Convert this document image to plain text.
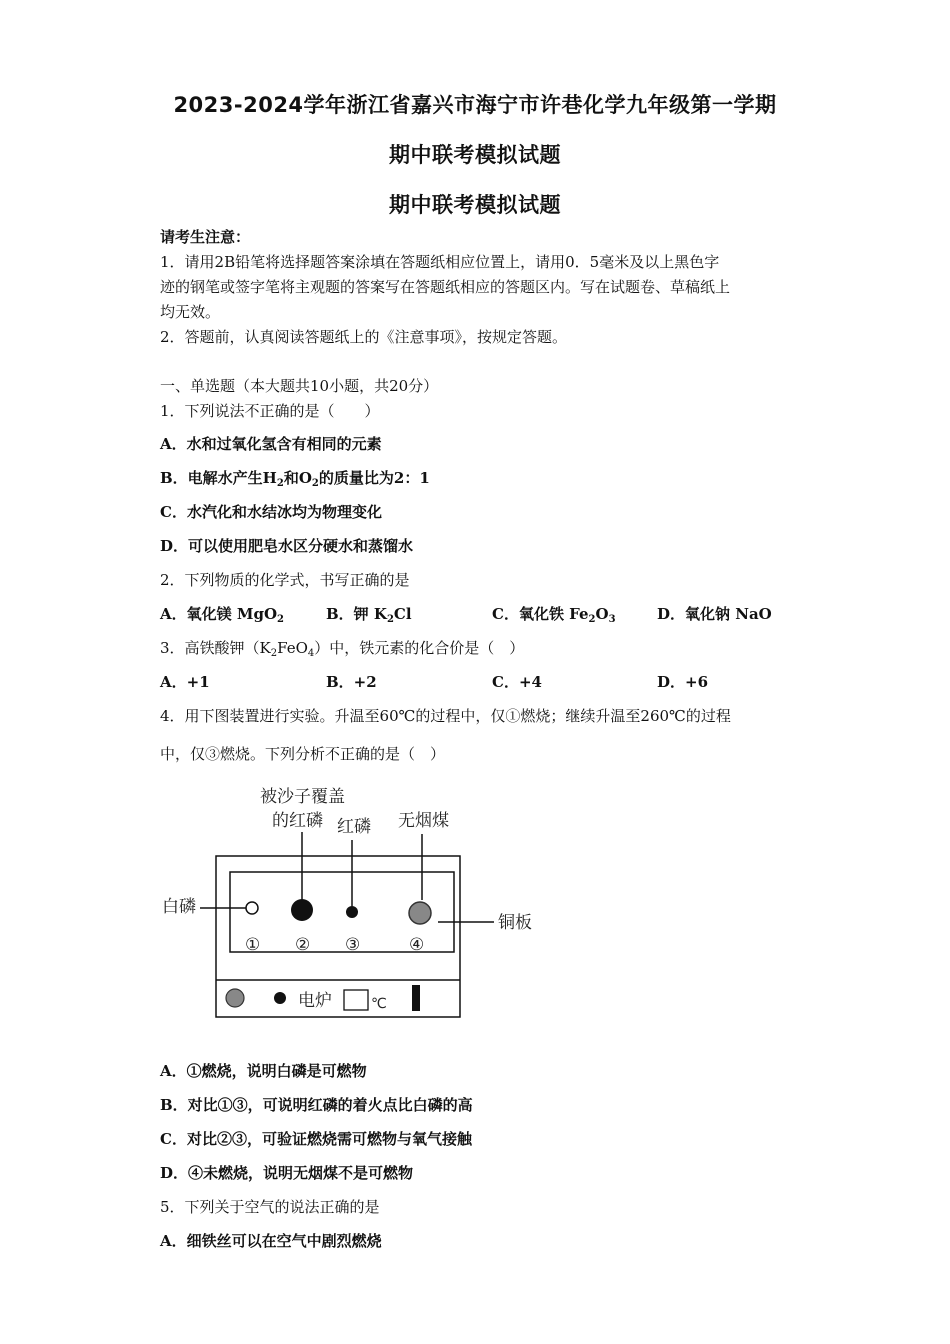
2023-2024学年浙江省嘉兴市海宁市许巷化学九年级第一学期
期中联考模拟试题
期中联考模拟试题
请考生注意：
1．请用2B铅笔将选择题答案涂填在答题纸相应位置上，请用0．5毫米及以上黑色字
迹的钢笔或签字笔将主观题的答案写在答题纸相应的答题区内。写在试题卷、草稿纸上
均无效。
2．答题前，认真阅读答题纸上的《注意事项》，按规定答题。
一、单选题（本大题共10小题，共20分）
1．下列说法不正确的是（　　）
A．水和过氧化氢含有相同的元素
B．电解水产生$H_2$和$O_2$的质量比为2：1
C．水汽化和水结冰均为物理变化
D．可以使用肥皂水区分硬水和蒸馏水
2．下列物质的化学式，书写正确的是
A．氧化镁 MgO$_2$	B．钾 $K_2Cl$	C．氧化铁 $Fe_2O_3$	D．氧化钠 NaO
3．高铁酸钾$(K_2FeO_4)$中，铁元素的化合价是（　）
A．+1	B．+2	C．+4	D．+6
4．用下图装置进行实验。升温至60℃的过程中，仅①燃烧；继续升温至260℃的过程
中，仅③燃烧。下列分析不正确的是（　）
被沙子覆盖
的红磷 红磷 无烟煤
白磷
铜板
① ② ③	④
电炉	℃
A．①燃烧，说明白磷是可燃物
B．对比①③，可说明红磷的着火点比白磷的高
C．对比②③，可验证燃烧需可燃物与氧气接触
D．④未燃烧，说明无烟煤不是可燃物
5．下列关于空气的说法正确的是
A．细铁丝可以在空气中剧烈燃烧
